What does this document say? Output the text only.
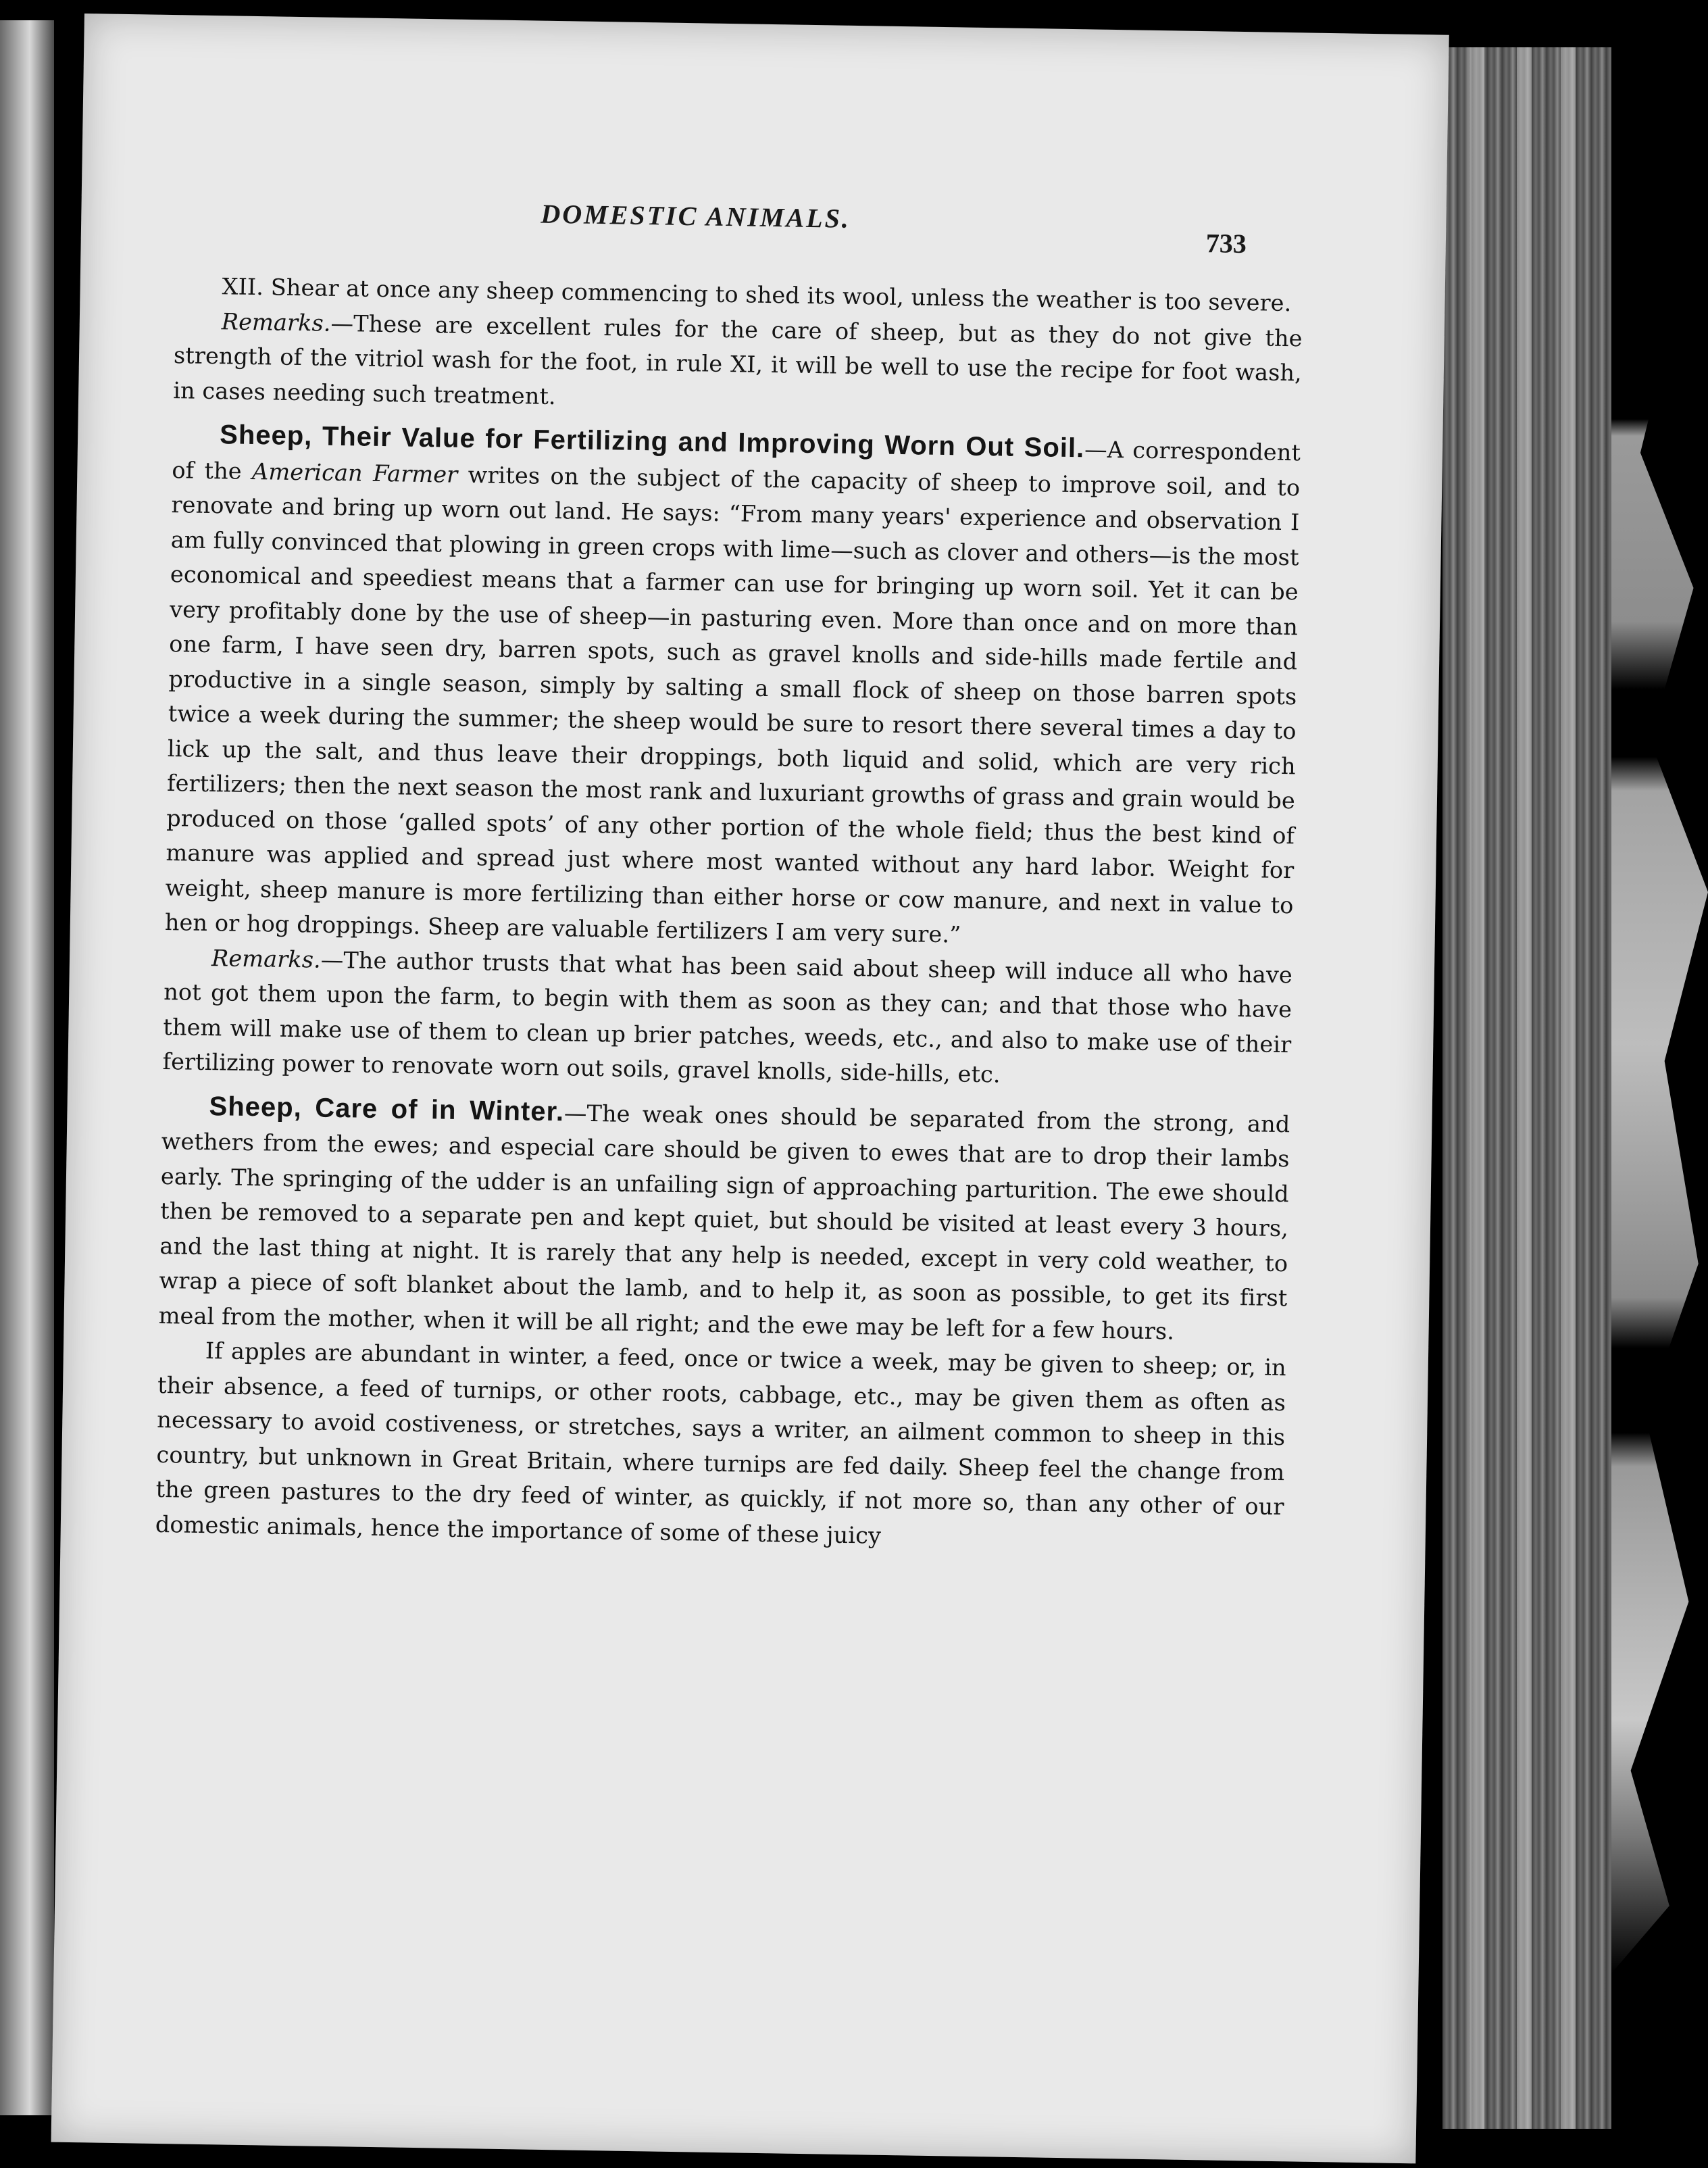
DOMESTIC ANIMALS.
733

XII. Shear at once any sheep commencing to shed its wool, unless the weather is too severe.

Remarks.—These are excellent rules for the care of sheep, but as they do not give the strength of the vitriol wash for the foot, in rule XI, it will be well to use the recipe for foot wash, in cases needing such treatment.

Sheep, Their Value for Fertilizing and Improving Worn Out Soil.—A correspondent of the American Farmer writes on the subject of the capacity of sheep to improve soil, and to renovate and bring up worn out land. He says: “From many years' experience and observation I am fully convinced that plowing in green crops with lime—such as clover and others—is the most economical and speediest means that a farmer can use for bringing up worn soil. Yet it can be very profitably done by the use of sheep—in pasturing even. More than once and on more than one farm, I have seen dry, barren spots, such as gravel knolls and side-hills made fertile and productive in a single season, simply by salting a small flock of sheep on those barren spots twice a week during the summer; the sheep would be sure to resort there several times a day to lick up the salt, and thus leave their droppings, both liquid and solid, which are very rich fertilizers; then the next season the most rank and luxuriant growths of grass and grain would be produced on those ‘galled spots’ of any other portion of the whole field; thus the best kind of manure was applied and spread just where most wanted without any hard labor. Weight for weight, sheep manure is more fertilizing than either horse or cow manure, and next in value to hen or hog droppings. Sheep are valuable fertilizers I am very sure.”

Remarks.—The author trusts that what has been said about sheep will induce all who have not got them upon the farm, to begin with them as soon as they can; and that those who have them will make use of them to clean up brier patches, weeds, etc., and also to make use of their fertilizing power to renovate worn out soils, gravel knolls, side-hills, etc.

Sheep, Care of in Winter.—The weak ones should be separated from the strong, and wethers from the ewes; and especial care should be given to ewes that are to drop their lambs early. The springing of the udder is an unfailing sign of approaching parturition. The ewe should then be removed to a separate pen and kept quiet, but should be visited at least every 3 hours, and the last thing at night. It is rarely that any help is needed, except in very cold weather, to wrap a piece of soft blanket about the lamb, and to help it, as soon as possible, to get its first meal from the mother, when it will be all right; and the ewe may be left for a few hours.

If apples are abundant in winter, a feed, once or twice a week, may be given to sheep; or, in their absence, a feed of turnips, or other roots, cabbage, etc., may be given them as often as necessary to avoid costiveness, or stretches, says a writer, an ailment common to sheep in this country, but unknown in Great Britain, where turnips are fed daily. Sheep feel the change from the green pastures to the dry feed of winter, as quickly, if not more so, than any other of our domestic animals, hence the importance of some of these juicy
